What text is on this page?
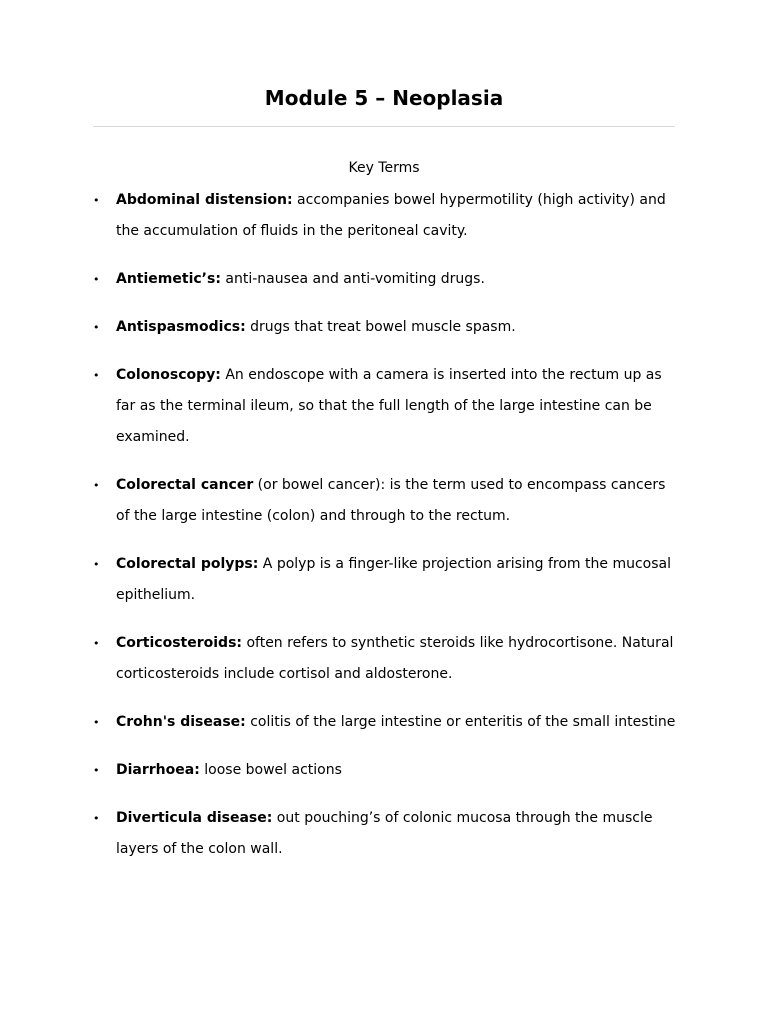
Module 5 – Neoplasia

Key Terms

• Abdominal distension: accompanies bowel hypermotility (high activity) and the accumulation of fluids in the peritoneal cavity.
• Antiemetic’s: anti-nausea and anti-vomiting drugs.
• Antispasmodics: drugs that treat bowel muscle spasm.
• Colonoscopy: An endoscope with a camera is inserted into the rectum up as far as the terminal ileum, so that the full length of the large intestine can be examined.
• Colorectal cancer (or bowel cancer): is the term used to encompass cancers of the large intestine (colon) and through to the rectum.
• Colorectal polyps: A polyp is a finger-like projection arising from the mucosal epithelium.
• Corticosteroids: often refers to synthetic steroids like hydrocortisone. Natural corticosteroids include cortisol and aldosterone.
• Crohn's disease: colitis of the large intestine or enteritis of the small intestine
• Diarrhoea: loose bowel actions
• Diverticula disease: out pouching’s of colonic mucosa through the muscle layers of the colon wall.
